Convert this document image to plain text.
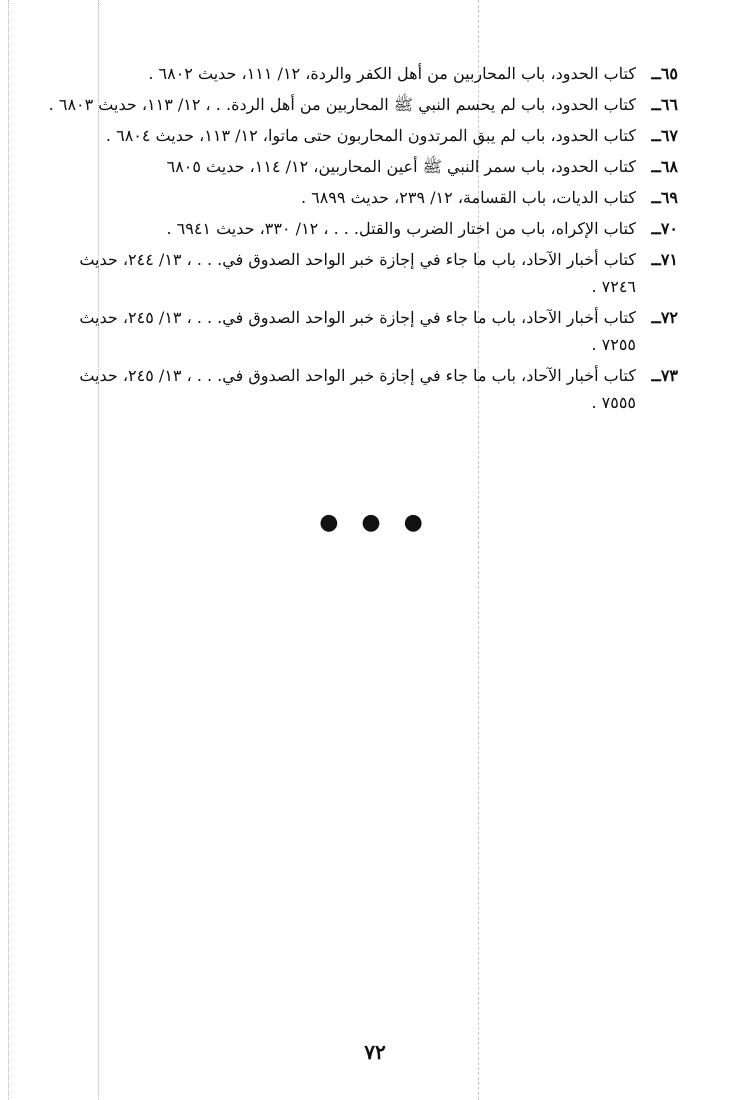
٦٥ــ
كتاب الحدود، باب المحاربين من أهل الكفر والردة، ١٢/ ١١١، حديث ٦٨٠٢ .
٦٦ــ
كتاب الحدود، باب لم يحسم النبي ﷺ المحاربين من أهل الردة. . ، ١٢/ ١١٣، حديث ٦٨٠٣ .
٦٧ــ
كتاب الحدود، باب لم يبق المرتدون المحاربون حتى ماتوا، ١٢/ ١١٣، حديث ٦٨٠٤ .
٦٨ــ
كتاب الحدود، باب سمر النبي ﷺ أعين المحاربين، ١٢/ ١١٤، حديث ٦٨٠٥
٦٩ــ
كتاب الديات، باب القسامة، ١٢/ ٢٣٩، حديث ٦٨٩٩ .
٧٠ــ
كتاب الإكراه، باب من اختار الضرب والقتل. . . ، ١٢/ ٣٣٠، حديث ٦٩٤١ .
٧١ــ
كتاب أخبار الآحاد، باب ما جاء في إجازة خبر الواحد الصدوق في. . . ، ١٣/ ٢٤٤، حديث ٧٢٤٦ .
٧٢ــ
كتاب أخبار الآحاد، باب ما جاء في إجازة خبر الواحد الصدوق في. . . ، ١٣/ ٢٤٥، حديث ٧٢٥٥ .
٧٣ــ
كتاب أخبار الآحاد، باب ما جاء في إجازة خبر الواحد الصدوق في. . . ، ١٣/ ٢٤٥، حديث ٧٥٥٥ .
● ● ●
٧٢
